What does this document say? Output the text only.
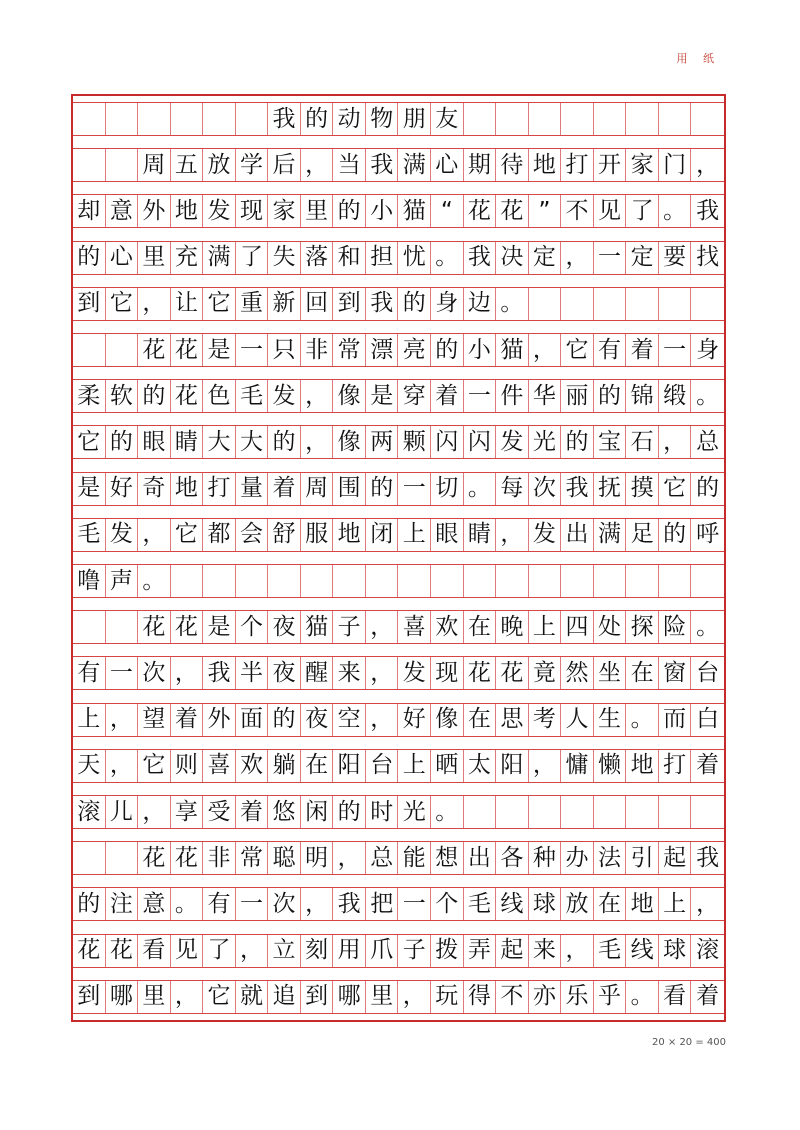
用 纸
我 的 动 物 朋 友
周 五 放 学 后 ， 当 我 满 心 期 待 地 打 开 家 门 ，
却 意 外 地 发 现 家 里 的 小 猫 “ 花 花 ” 不 见 了 。 我
的 心 里 充 满 了 失 落 和 担 忧 。 我 决 定 ， 一 定 要 找
到 它 ， 让 它 重 新 回 到 我 的 身 边 。
花 花 是 一 只 非 常 漂 亮 的 小 猫 ， 它 有 着 一 身
柔 软 的 花 色 毛 发 ， 像 是 穿 着 一 件 华 丽 的 锦 缎 。
它 的 眼 睛 大 大 的 ， 像 两 颗 闪 闪 发 光 的 宝 石 ， 总
是 好 奇 地 打 量 着 周 围 的 一 切 。 每 次 我 抚 摸 它 的
毛 发 ， 它 都 会 舒 服 地 闭 上 眼 睛 ， 发 出 满 足 的 呼
噜 声 。
花 花 是 个 夜 猫 子 ， 喜 欢 在 晚 上 四 处 探 险 。
有 一 次 ， 我 半 夜 醒 来 ， 发 现 花 花 竟 然 坐 在 窗 台
上 ， 望 着 外 面 的 夜 空 ， 好 像 在 思 考 人 生 。 而 白
天 ， 它 则 喜 欢 躺 在 阳 台 上 晒 太 阳 ， 慵 懒 地 打 着
滚 儿 ， 享 受 着 悠 闲 的 时 光 。
花 花 非 常 聪 明 ， 总 能 想 出 各 种 办 法 引 起 我
的 注 意 。 有 一 次 ， 我 把 一 个 毛 线 球 放 在 地 上 ，
花 花 看 见 了 ， 立 刻 用 爪 子 拨 弄 起 来 ， 毛 线 球 滚
到 哪 里 ， 它 就 追 到 哪 里 ， 玩 得 不 亦 乐 乎 。 看 着
20 × 20 = 400
